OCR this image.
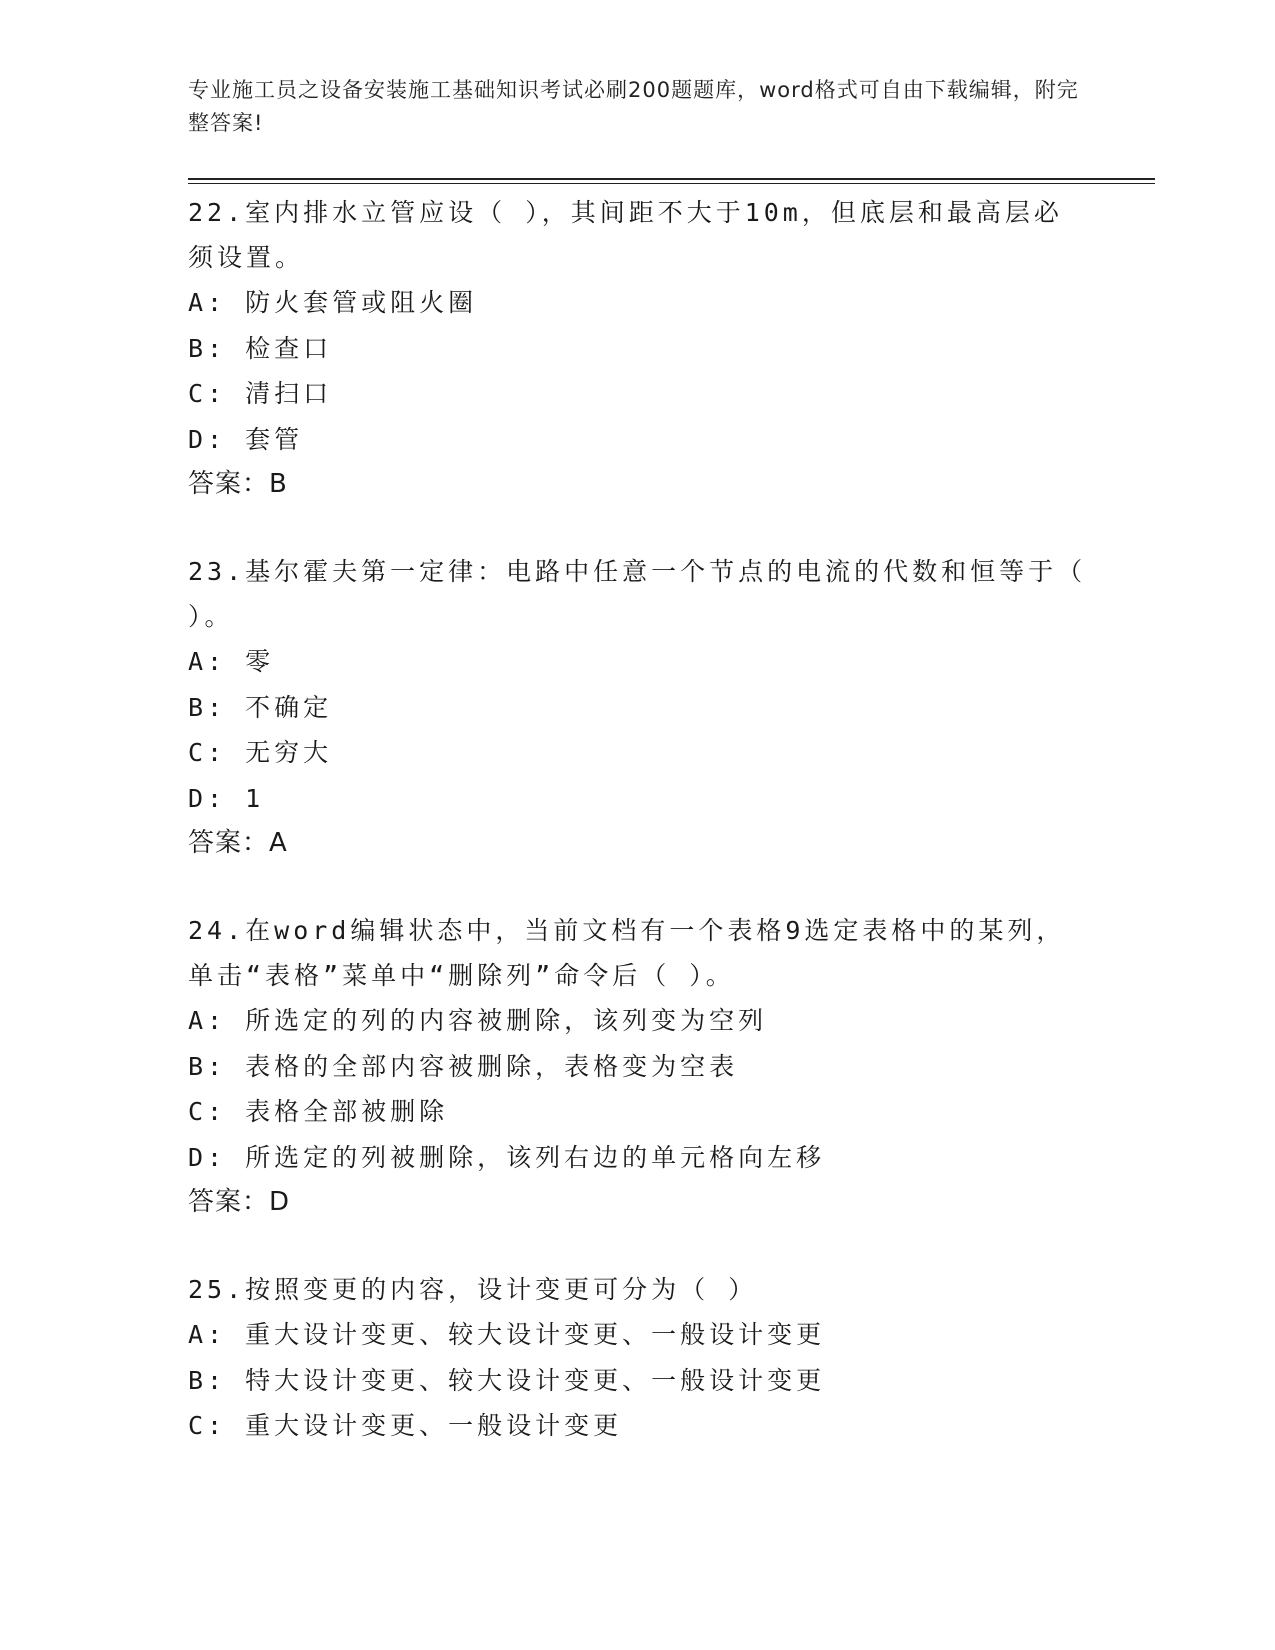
专业施工员之设备安装施工基础知识考试必刷200题题库，word格式可自由下载编辑，附完整答案!
22.室内排水立管应设（ ），其间距不大于10m，但底层和最高层必须设置。
A: 防火套管或阻火圈
B: 检查口
C: 清扫口
D: 套管
答案：B
23.基尔霍夫第一定律：电路中任意一个节点的电流的代数和恒等于（ ）。
A: 零
B: 不确定
C: 无穷大
D: 1
答案：A
24.在word编辑状态中，当前文档有一个表格9选定表格中的某列，单击“表格”菜单中“删除列”命令后（ ）。
A: 所选定的列的内容被删除，该列变为空列
B: 表格的全部内容被删除，表格变为空表
C: 表格全部被删除
D: 所选定的列被删除，该列右边的单元格向左移
答案：D
25.按照变更的内容，设计变更可分为（ ）
A: 重大设计变更、较大设计变更、一般设计变更
B: 特大设计变更、较大设计变更、一般设计变更
C: 重大设计变更、一般设计变更
